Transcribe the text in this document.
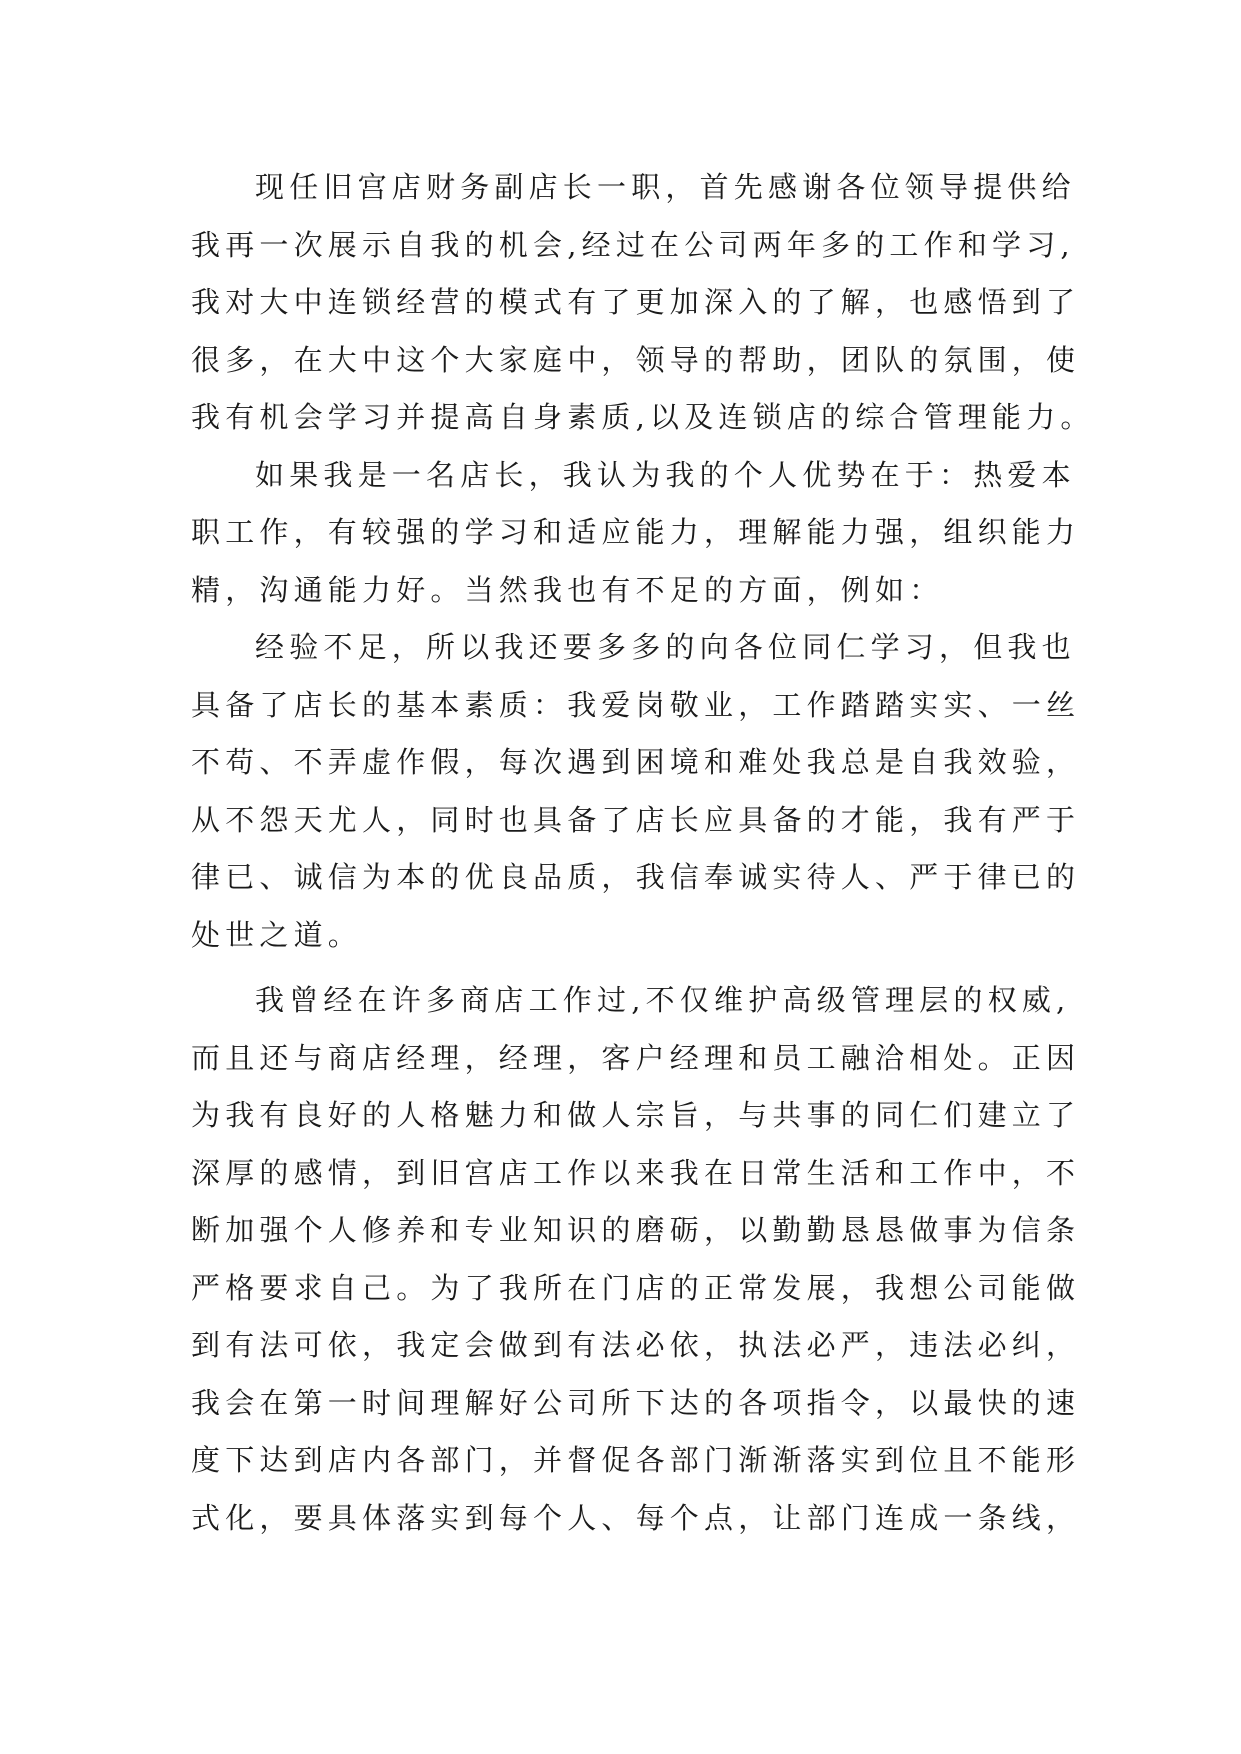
现任旧宫店财务副店长一职，首先感谢各位领导提供给
我再一次展示自我的机会,经过在公司两年多的工作和学习,
我对大中连锁经营的模式有了更加深入的了解，也感悟到了
很多，在大中这个大家庭中，领导的帮助，团队的氛围，使
我有机会学习并提高自身素质,以及连锁店的综合管理能力。
如果我是一名店长，我认为我的个人优势在于：热爱本
职工作，有较强的学习和适应能力，理解能力强，组织能力
精，沟通能力好。当然我也有不足的方面，例如：
经验不足，所以我还要多多的向各位同仁学习，但我也
具备了店长的基本素质：我爱岗敬业，工作踏踏实实、一丝
不苟、不弄虚作假，每次遇到困境和难处我总是自我效验，
从不怨天尤人，同时也具备了店长应具备的才能，我有严于
律已、诚信为本的优良品质，我信奉诚实待人、严于律已的
处世之道。
我曾经在许多商店工作过,不仅维护高级管理层的权威,
而且还与商店经理，经理，客户经理和员工融洽相处。正因
为我有良好的人格魅力和做人宗旨，与共事的同仁们建立了
深厚的感情，到旧宫店工作以来我在日常生活和工作中，不
断加强个人修养和专业知识的磨砺，以勤勤恳恳做事为信条
严格要求自己。为了我所在门店的正常发展，我想公司能做
到有法可依，我定会做到有法必依，执法必严，违法必纠，
我会在第一时间理解好公司所下达的各项指令，以最快的速
度下达到店内各部门，并督促各部门渐渐落实到位且不能形
式化，要具体落实到每个人、每个点，让部门连成一条线，
